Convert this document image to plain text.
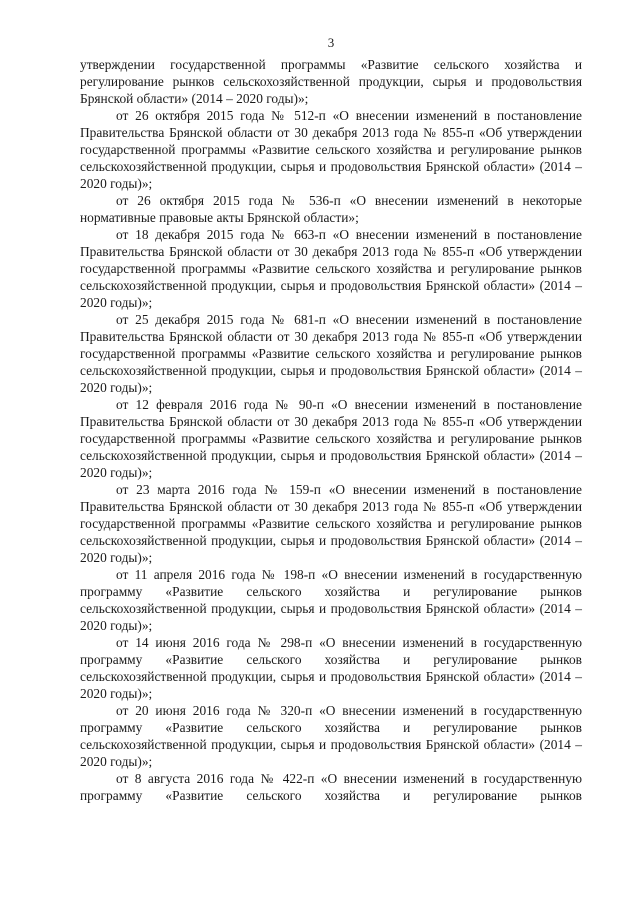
3

утверждении государственной программы «Развитие сельского хозяйства и регулирование рынков сельскохозяйственной продукции, сырья и продовольствия Брянской области» (2014 – 2020 годы)»;

от 26 октября 2015 года № 512-п «О внесении изменений в постановление Правительства Брянской области от 30 декабря 2013 года № 855-п «Об утверждении государственной программы «Развитие сельского хозяйства и регулирование рынков сельскохозяйственной продукции, сырья и продовольствия Брянской области» (2014 – 2020 годы)»;

от 26 октября 2015 года № 536-п «О внесении изменений в некоторые нормативные правовые акты Брянской области»;

от 18 декабря 2015 года № 663-п «О внесении изменений в постановление Правительства Брянской области от 30 декабря 2013 года № 855-п «Об утверждении государственной программы «Развитие сельского хозяйства и регулирование рынков сельскохозяйственной продукции, сырья и продовольствия Брянской области» (2014 – 2020 годы)»;

от 25 декабря 2015 года № 681-п «О внесении изменений в постановление Правительства Брянской области от 30 декабря 2013 года № 855-п «Об утверждении государственной программы «Развитие сельского хозяйства и регулирование рынков сельскохозяйственной продукции, сырья и продовольствия Брянской области» (2014 – 2020 годы)»;

от 12 февраля 2016 года № 90-п «О внесении изменений в постановление Правительства Брянской области от 30 декабря 2013 года № 855-п «Об утверждении государственной программы «Развитие сельского хозяйства и регулирование рынков сельскохозяйственной продукции, сырья и продовольствия Брянской области» (2014 – 2020 годы)»;

от 23 марта 2016 года № 159-п «О внесении изменений в постановление Правительства Брянской области от 30 декабря 2013 года № 855-п «Об утверждении государственной программы «Развитие сельского хозяйства и регулирование рынков сельскохозяйственной продукции, сырья и продовольствия Брянской области» (2014 – 2020 годы)»;

от 11 апреля 2016 года № 198-п «О внесении изменений в государственную программу «Развитие сельского хозяйства и регулирование рынков сельскохозяйственной продукции, сырья и продовольствия Брянской области» (2014 – 2020 годы)»;

от 14 июня 2016 года № 298-п «О внесении изменений в государственную программу «Развитие сельского хозяйства и регулирование рынков сельскохозяйственной продукции, сырья и продовольствия Брянской области» (2014 – 2020 годы)»;

от 20 июня 2016 года № 320-п «О внесении изменений в государственную программу «Развитие сельского хозяйства и регулирование рынков сельскохозяйственной продукции, сырья и продовольствия Брянской области» (2014 – 2020 годы)»;

от 8 августа 2016 года № 422-п «О внесении изменений в государственную программу «Развитие сельского хозяйства и регулирование рынков
